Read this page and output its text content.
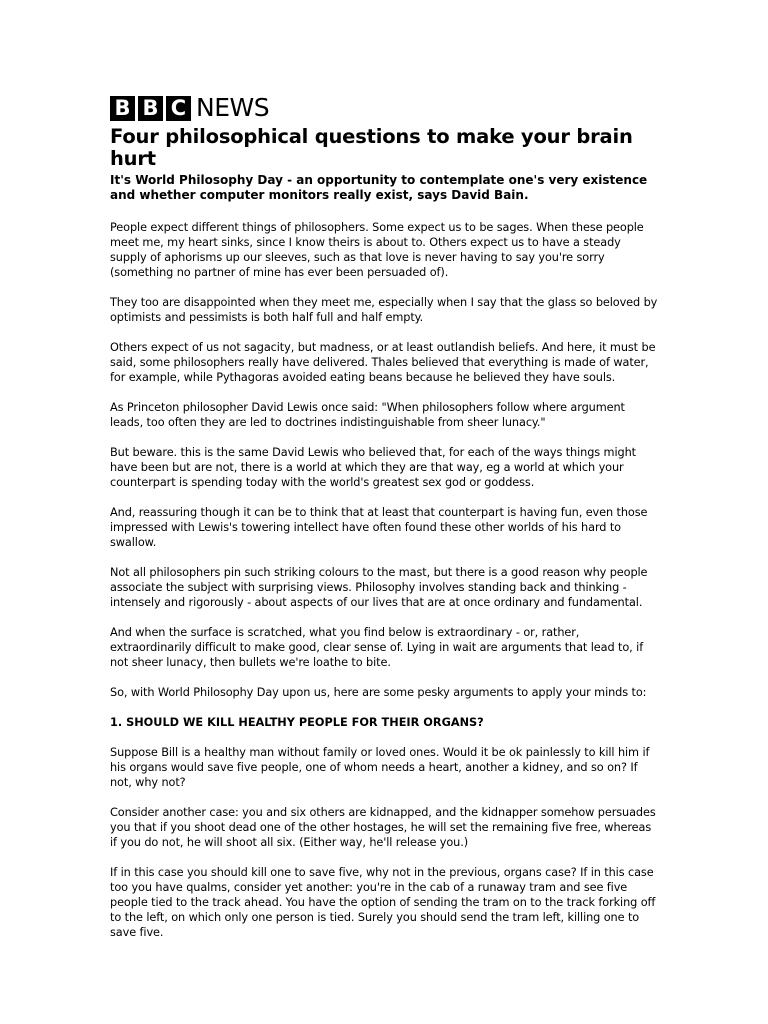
B B C NEWS
Four philosophical questions to make your brain hurt

It's World Philosophy Day - an opportunity to contemplate one's very existence and whether computer monitors really exist, says David Bain.

People expect different things of philosophers. Some expect us to be sages. When these people meet me, my heart sinks, since I know theirs is about to. Others expect us to have a steady supply of aphorisms up our sleeves, such as that love is never having to say you're sorry (something no partner of mine has ever been persuaded of).

They too are disappointed when they meet me, especially when I say that the glass so beloved by optimists and pessimists is both half full and half empty.

Others expect of us not sagacity, but madness, or at least outlandish beliefs. And here, it must be said, some philosophers really have delivered. Thales believed that everything is made of water, for example, while Pythagoras avoided eating beans because he believed they have souls.

As Princeton philosopher David Lewis once said: "When philosophers follow where argument leads, too often they are led to doctrines indistinguishable from sheer lunacy."

But beware. this is the same David Lewis who believed that, for each of the ways things might have been but are not, there is a world at which they are that way, eg a world at which your counterpart is spending today with the world's greatest sex god or goddess.

And, reassuring though it can be to think that at least that counterpart is having fun, even those impressed with Lewis's towering intellect have often found these other worlds of his hard to swallow.

Not all philosophers pin such striking colours to the mast, but there is a good reason why people associate the subject with surprising views. Philosophy involves standing back and thinking - intensely and rigorously - about aspects of our lives that are at once ordinary and fundamental.

And when the surface is scratched, what you find below is extraordinary - or, rather, extraordinarily difficult to make good, clear sense of. Lying in wait are arguments that lead to, if not sheer lunacy, then bullets we're loathe to bite.

So, with World Philosophy Day upon us, here are some pesky arguments to apply your minds to:

1. SHOULD WE KILL HEALTHY PEOPLE FOR THEIR ORGANS?

Suppose Bill is a healthy man without family or loved ones. Would it be ok painlessly to kill him if his organs would save five people, one of whom needs a heart, another a kidney, and so on? If not, why not?

Consider another case: you and six others are kidnapped, and the kidnapper somehow persuades you that if you shoot dead one of the other hostages, he will set the remaining five free, whereas if you do not, he will shoot all six. (Either way, he'll release you.)

If in this case you should kill one to save five, why not in the previous, organs case? If in this case too you have qualms, consider yet another: you're in the cab of a runaway tram and see five people tied to the track ahead. You have the option of sending the tram on to the track forking off to the left, on which only one person is tied. Surely you should send the tram left, killing one to save five.
